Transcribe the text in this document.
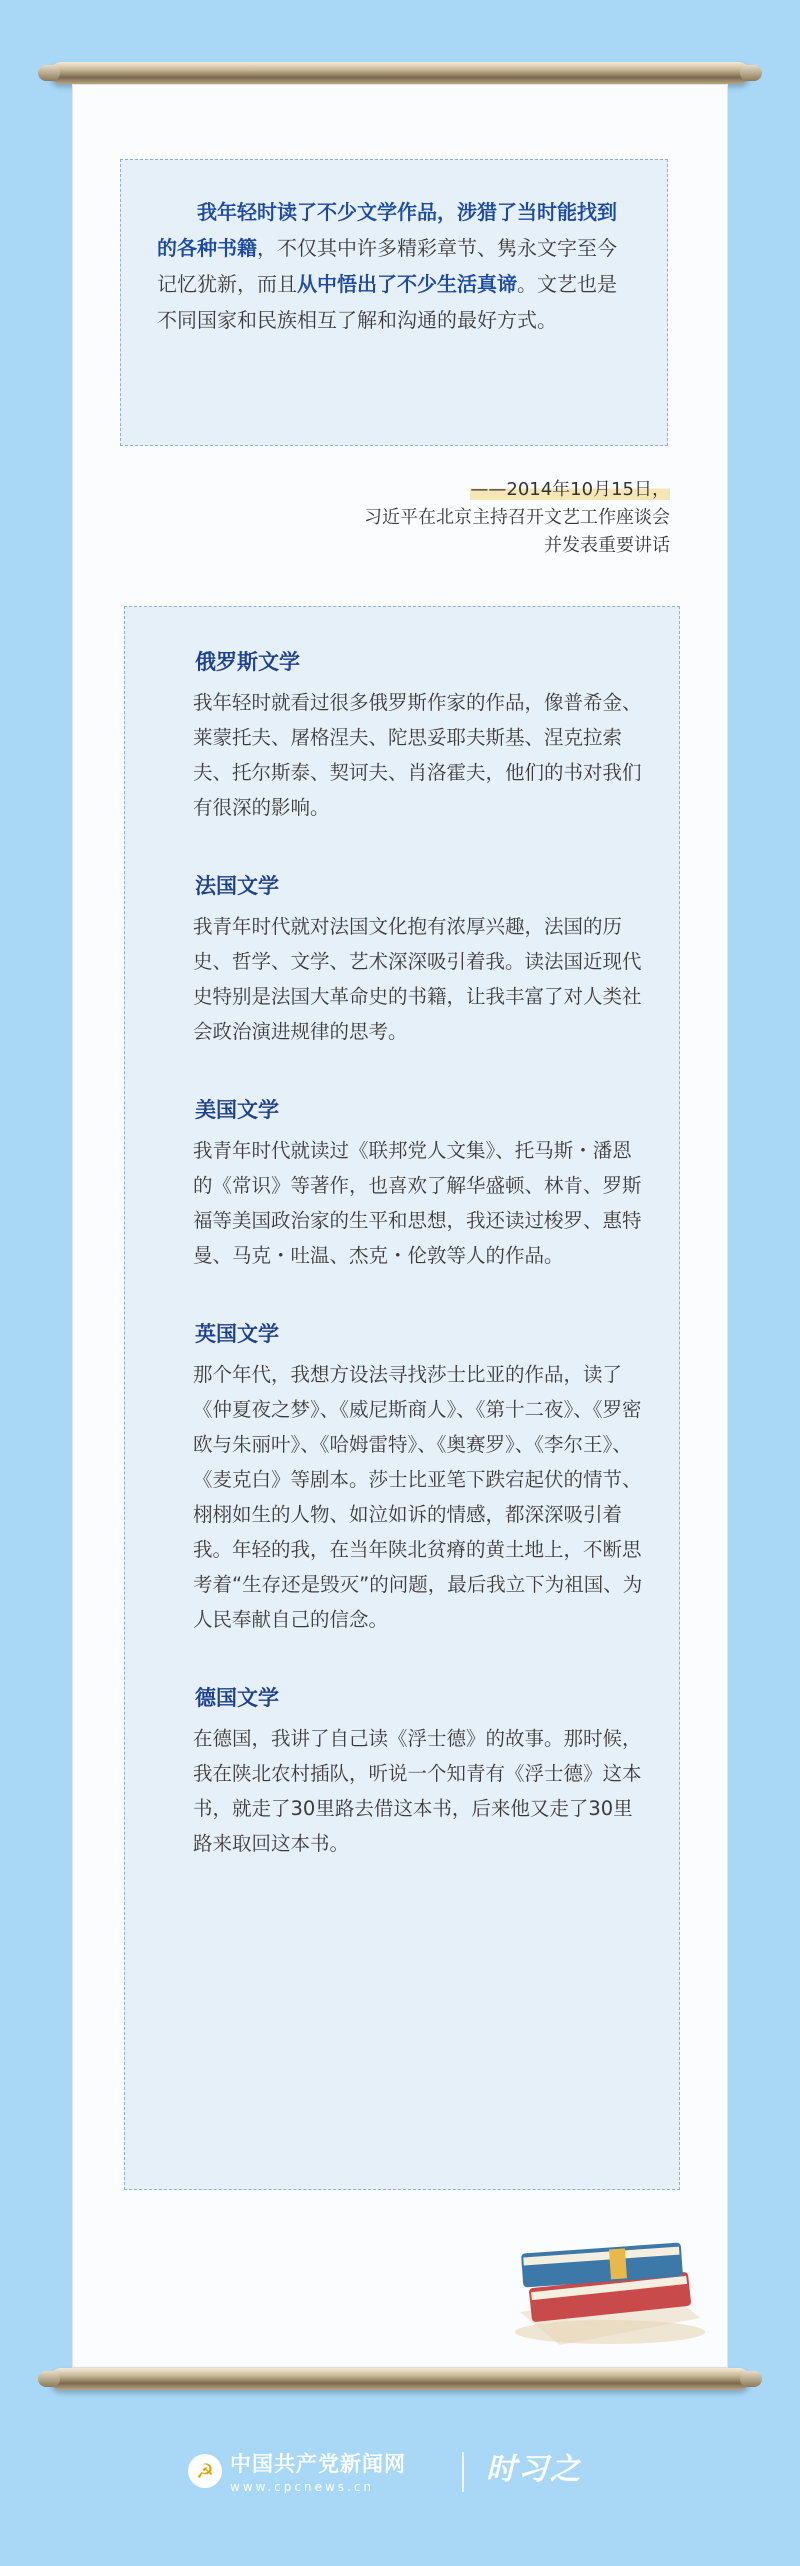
我年轻时读了不少文学作品，涉猎了当时能找到的各种书籍，不仅其中许多精彩章节、隽永文字至今记忆犹新，而且从中悟出了不少生活真谛。文艺也是不同国家和民族相互了解和沟通的最好方式。

——2014年10月15日，
习近平在北京主持召开文艺工作座谈会
并发表重要讲话
俄罗斯文学

我年轻时就看过很多俄罗斯作家的作品，像普希金、莱蒙托夫、屠格涅夫、陀思妥耶夫斯基、涅克拉索夫、托尔斯泰、契诃夫、肖洛霍夫，他们的书对我们有很深的影响。

法国文学

我青年时代就对法国文化抱有浓厚兴趣，法国的历史、哲学、文学、艺术深深吸引着我。读法国近现代史特别是法国大革命史的书籍，让我丰富了对人类社会政治演进规律的思考。

美国文学

我青年时代就读过《联邦党人文集》、托马斯・潘恩的《常识》等著作，也喜欢了解华盛顿、林肯、罗斯福等美国政治家的生平和思想，我还读过梭罗、惠特曼、马克・吐温、杰克・伦敦等人的作品。

英国文学

那个年代，我想方设法寻找莎士比亚的作品，读了《仲夏夜之梦》、《威尼斯商人》、《第十二夜》、《罗密欧与朱丽叶》、《哈姆雷特》、《奥赛罗》、《李尔王》、《麦克白》等剧本。莎士比亚笔下跌宕起伏的情节、栩栩如生的人物、如泣如诉的情感，都深深吸引着我。年轻的我，在当年陕北贫瘠的黄土地上，不断思考着“生存还是毁灭”的问题，最后我立下为祖国、为人民奉献自己的信念。

德国文学

在德国，我讲了自己读《浮士德》的故事。那时候，我在陕北农村插队，听说一个知青有《浮士德》这本书，就走了30里路去借这本书，后来他又走了30里路来取回这本书。

☭ 中国共产党新闻网
www.cpcnews.cn	时习之
